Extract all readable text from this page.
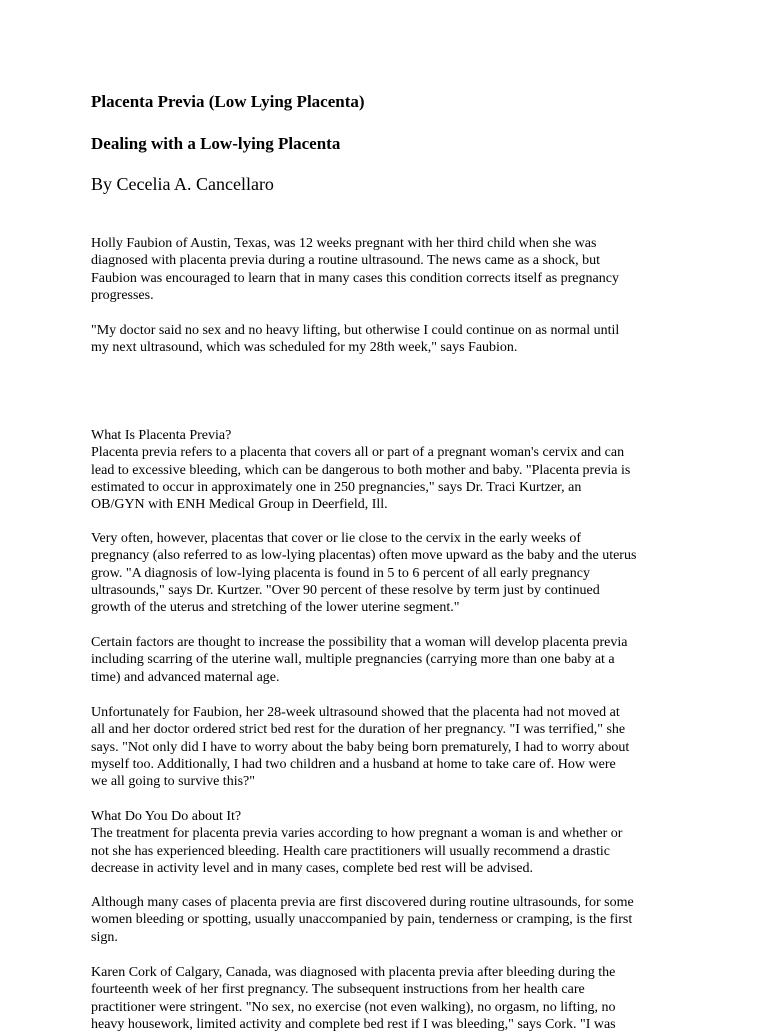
Placenta Previa (Low Lying Placenta)
Dealing with a Low-lying Placenta
By Cecelia A. Cancellaro
Holly Faubion of Austin, Texas, was 12 weeks pregnant with her third child when she was
diagnosed with placenta previa during a routine ultrasound. The news came as a shock, but
Faubion was encouraged to learn that in many cases this condition corrects itself as pregnancy
progresses.
"My doctor said no sex and no heavy lifting, but otherwise I could continue on as normal until
my next ultrasound, which was scheduled for my 28th week," says Faubion.
What Is Placenta Previa?
Placenta previa refers to a placenta that covers all or part of a pregnant woman's cervix and can
lead to excessive bleeding, which can be dangerous to both mother and baby. "Placenta previa is
estimated to occur in approximately one in 250 pregnancies," says Dr. Traci Kurtzer, an
OB/GYN with ENH Medical Group in Deerfield, Ill.
Very often, however, placentas that cover or lie close to the cervix in the early weeks of
pregnancy (also referred to as low-lying placentas) often move upward as the baby and the uterus
grow. "A diagnosis of low-lying placenta is found in 5 to 6 percent of all early pregnancy
ultrasounds," says Dr. Kurtzer. "Over 90 percent of these resolve by term just by continued
growth of the uterus and stretching of the lower uterine segment."
Certain factors are thought to increase the possibility that a woman will develop placenta previa
including scarring of the uterine wall, multiple pregnancies (carrying more than one baby at a
time) and advanced maternal age.
Unfortunately for Faubion, her 28-week ultrasound showed that the placenta had not moved at
all and her doctor ordered strict bed rest for the duration of her pregnancy. "I was terrified," she
says. "Not only did I have to worry about the baby being born prematurely, I had to worry about
myself too. Additionally, I had two children and a husband at home to take care of. How were
we all going to survive this?"
What Do You Do about It?
The treatment for placenta previa varies according to how pregnant a woman is and whether or
not she has experienced bleeding. Health care practitioners will usually recommend a drastic
decrease in activity level and in many cases, complete bed rest will be advised.
Although many cases of placenta previa are first discovered during routine ultrasounds, for some
women bleeding or spotting, usually unaccompanied by pain, tenderness or cramping, is the first
sign.
Karen Cork of Calgary, Canada, was diagnosed with placenta previa after bleeding during the
fourteenth week of her first pregnancy. The subsequent instructions from her health care
practitioner were stringent. "No sex, no exercise (not even walking), no orgasm, no lifting, no
heavy housework, limited activity and complete bed rest if I was bleeding," says Cork. "I was
